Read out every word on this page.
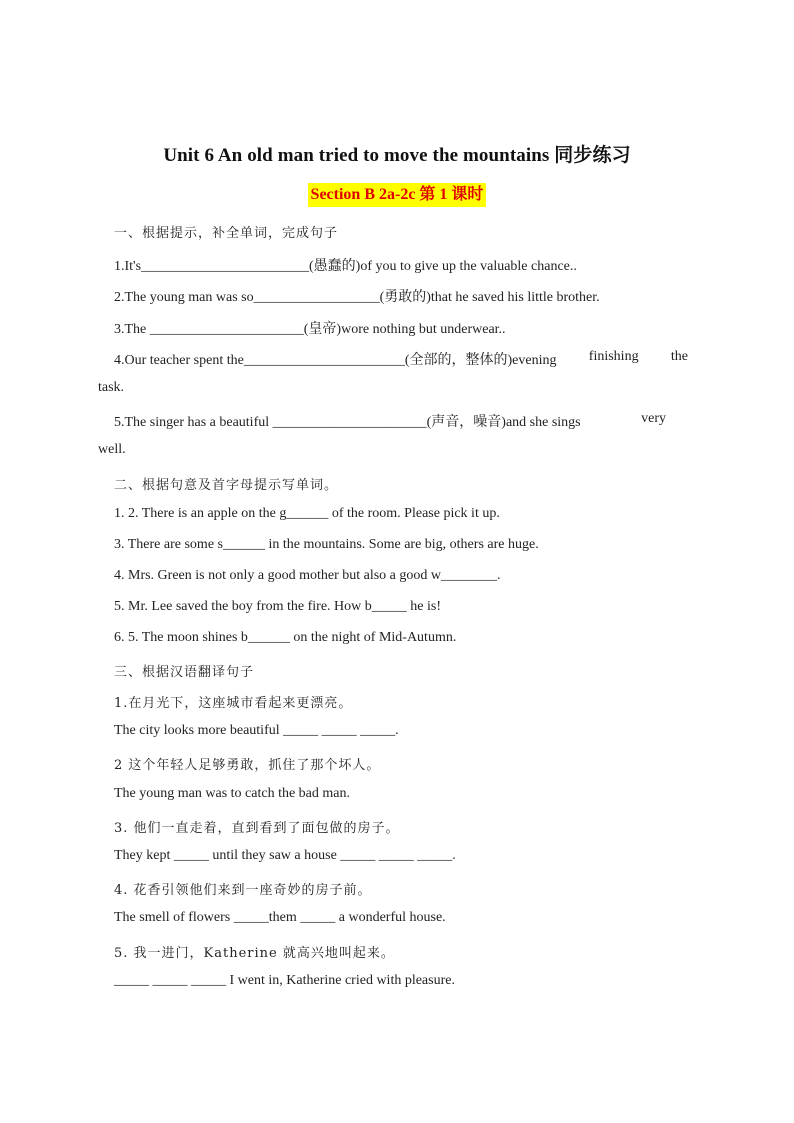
Unit 6 An old man tried to move the mountains 同步练习
Section B 2a-2c 第 1 课时
一、根据提示，补全单词，完成句子
1.It's________________________(愚蠢的)of you to give up the valuable chance..
2.The young man was so__________________(勇敢的)that he saved his little brother.
3.The ______________________(皇帝)wore nothing but underwear..
4.Our teacher spent the_______________________(全部的，整体的)evening finishing the
task.
5.The singer has a beautiful ______________________(声音，噪音)and she sings	very
well.
二、根据句意及首字母提示写单词。
1. 2. There is an apple on the g______ of the room. Please pick it up.
3. There are some s______ in the mountains. Some are big, others are huge.
4. Mrs. Green is not only a good mother but also a good w________.
5. Mr. Lee saved the boy from the fire. How b_____ he is!
6. 5. The moon shines b______ on the night of Mid-Autumn.
三、根据汉语翻译句子
1.在月光下，这座城市看起来更漂亮。
The city looks more beautiful _____ _____ _____.
2 这个年轻人足够勇敢，抓住了那个坏人。
The young man was to catch the bad man.
3. 他们一直走着，直到看到了面包做的房子。
They kept _____ until they saw a house _____ _____ _____.
4. 花香引领他们来到一座奇妙的房子前。
The smell of flowers _____them _____ a wonderful house.
5. 我一进门，Katherine 就高兴地叫起来。
_____ _____ _____ I went in, Katherine cried with pleasure.
